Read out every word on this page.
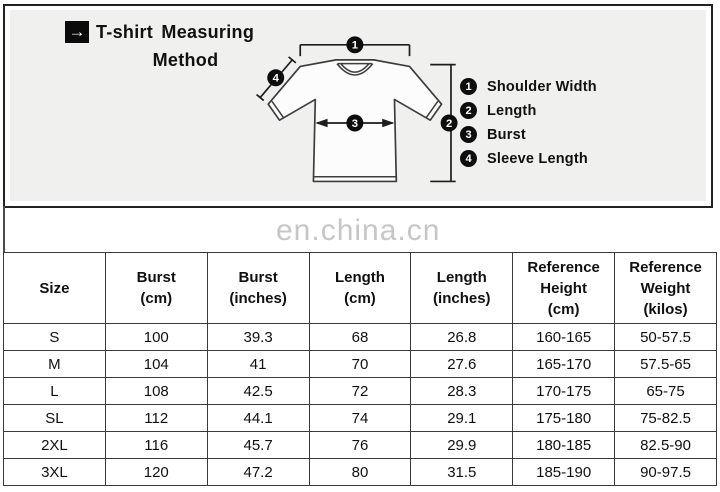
→ T-shirt Measuring
Method
1
2
3
4
1	Shoulder Width
2	Length
3	Burst
4	Sleeve Length
en.china.cn
Size

Burst
(cm)

Burst
(inches)

Length
(cm)

Length
(inches)

Reference
Height
(cm)

Reference
Weight
(kilos)

S	100	39.3	68	26.8	160-165	50-57.5
M	104	41	70	27.6	165-170	57.5-65
L	108	42.5	72	28.3	170-175	65-75
SL	112	44.1	74	29.1	175-180	75-82.5
2XL	116	45.7	76	29.9	180-185	82.5-90
3XL	120	47.2	80	31.5	185-190	90-97.5
